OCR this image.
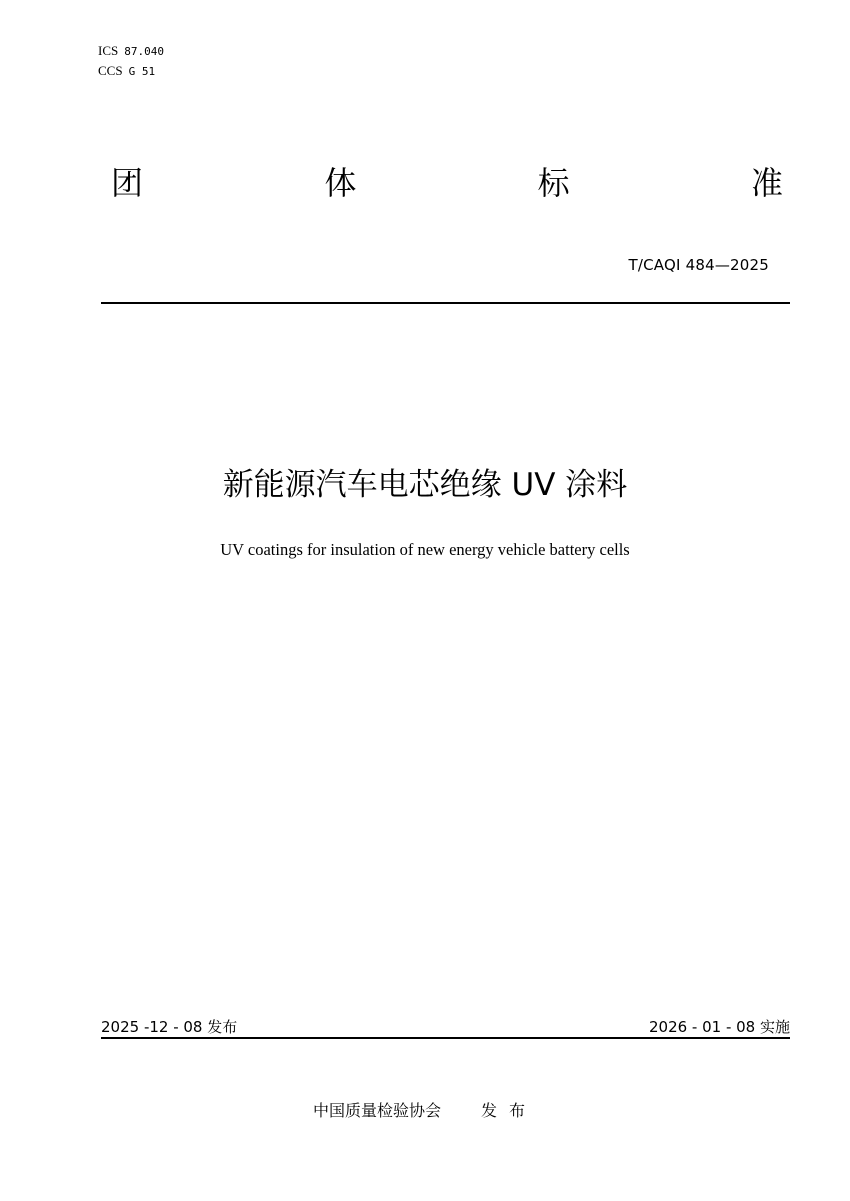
ICS 87.040
CCS G 51
团	体	标	准
T/CAQI 484—2025
新能源汽车电芯绝缘 UV 涂料
UV coatings for insulation of new energy vehicle battery cells
2025 -12 - 08 发布	2026 - 01 - 08 实施
中国质量检验协会	发布
